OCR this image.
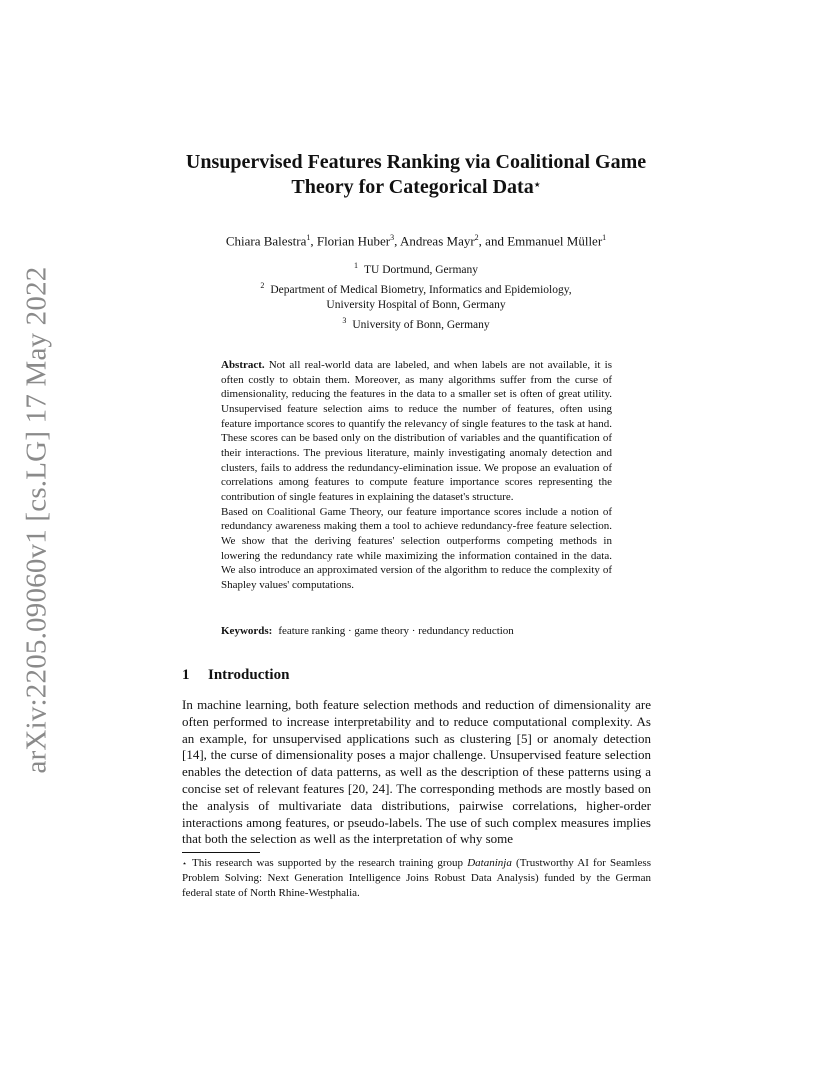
arXiv:2205.09060v1 [cs.LG] 17 May 2022
Unsupervised Features Ranking via Coalitional Game
Theory for Categorical Data⋆
Chiara Balestra$^1$, Florian Huber$^3$, Andreas Mayr$^2$, and Emmanuel Müller$^1$
$^1$ TU Dortmund, Germany
$^2$ Department of Medical Biometry, Informatics and Epidemiology,
University Hospital of Bonn, Germany
$^3$ University of Bonn, Germany

Abstract. Not all real-world data are labeled, and when labels are not available, it is often costly to obtain them. Moreover, as many algorithms suffer from the curse of dimensionality, reducing the features in the data to a smaller set is often of great utility. Unsupervised feature selection aims to reduce the number of features, often using feature importance scores to quantify the relevancy of single features to the task at hand. These scores can be based only on the distribution of variables and the quantification of their interactions. The previous literature, mainly investigating anomaly detection and clusters, fails to address the redundancy-elimination issue. We propose an evaluation of correlations among features to compute feature importance scores representing the contribution of single features in explaining the dataset's structure.

Based on Coalitional Game Theory, our feature importance scores include a notion of redundancy awareness making them a tool to achieve redundancy-free feature selection. We show that the deriving features' selection outperforms competing methods in lowering the redundancy rate while maximizing the information contained in the data. We also introduce an approximated version of the algorithm to reduce the complexity of Shapley values' computations.

Keywords: feature ranking · game theory · redundancy reduction
1 Introduction
In machine learning, both feature selection methods and reduction of dimensionality are often performed to increase interpretability and to reduce computational complexity. As an example, for unsupervised applications such as clustering [5] or anomaly detection [14], the curse of dimensionality poses a major challenge. Unsupervised feature selection enables the detection of data patterns, as well as the description of these patterns using a concise set of relevant features [20, 24]. The corresponding methods are mostly based on the analysis of multivariate data distributions, pairwise correlations, higher-order interactions among features, or pseudo-labels. The use of such complex measures implies that both the selection as well as the interpretation of why some
⋆ This research was supported by the research training group Dataninja (Trustworthy AI for Seamless Problem Solving: Next Generation Intelligence Joins Robust Data Analysis) funded by the German federal state of North Rhine-Westphalia.
